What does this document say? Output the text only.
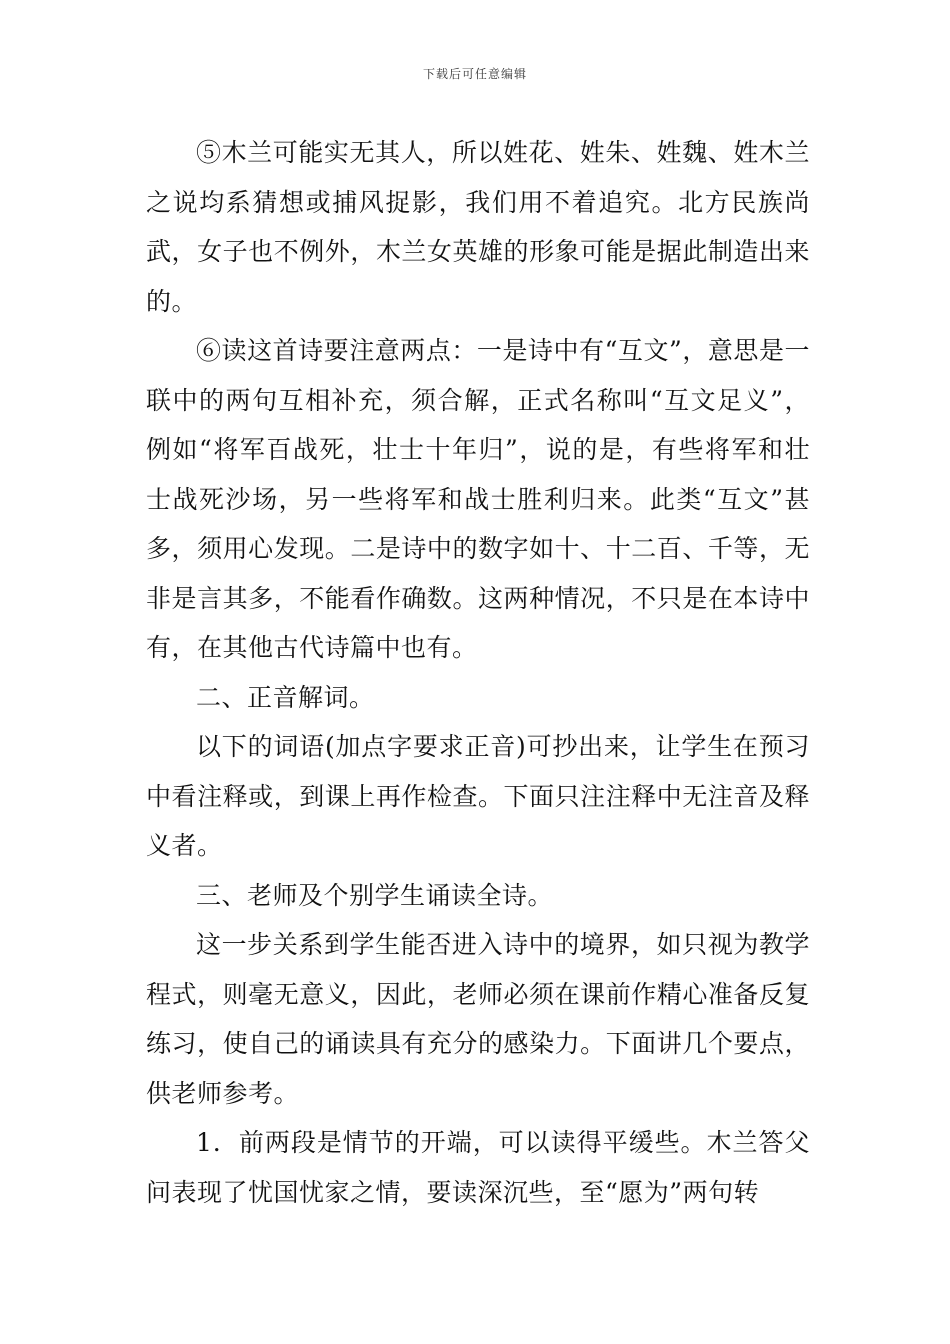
下载后可任意编辑

⑤木兰可能实无其人，所以姓花、姓朱、姓魏、姓木兰之说均系猜想或捕风捉影，我们用不着追究。北方民族尚武，女子也不例外，木兰女英雄的形象可能是据此制造出来的。

⑥读这首诗要注意两点：一是诗中有“互文”，意思是一联中的两句互相补充，须合解，正式名称叫“互文足义”，例如“将军百战死，壮士十年归”，说的是，有些将军和壮士战死沙场，另一些将军和战士胜利归来。此类“互文”甚多，须用心发现。二是诗中的数字如十、十二百、千等，无非是言其多，不能看作确数。这两种情况，不只是在本诗中有，在其他古代诗篇中也有。

二、正音解词。

以下的词语(加点字要求正音)可抄出来，让学生在预习中看注释或，到课上再作检查。下面只注注释中无注音及释义者。

三、老师及个别学生诵读全诗。

这一步关系到学生能否进入诗中的境界，如只视为教学程式，则毫无意义，因此，老师必须在课前作精心准备反复练习，使自己的诵读具有充分的感染力。下面讲几个要点，供老师参考。

1．前两段是情节的开端，可以读得平缓些。木兰答父问表现了忧国忧家之情，要读深沉些，至“愿为”两句转
